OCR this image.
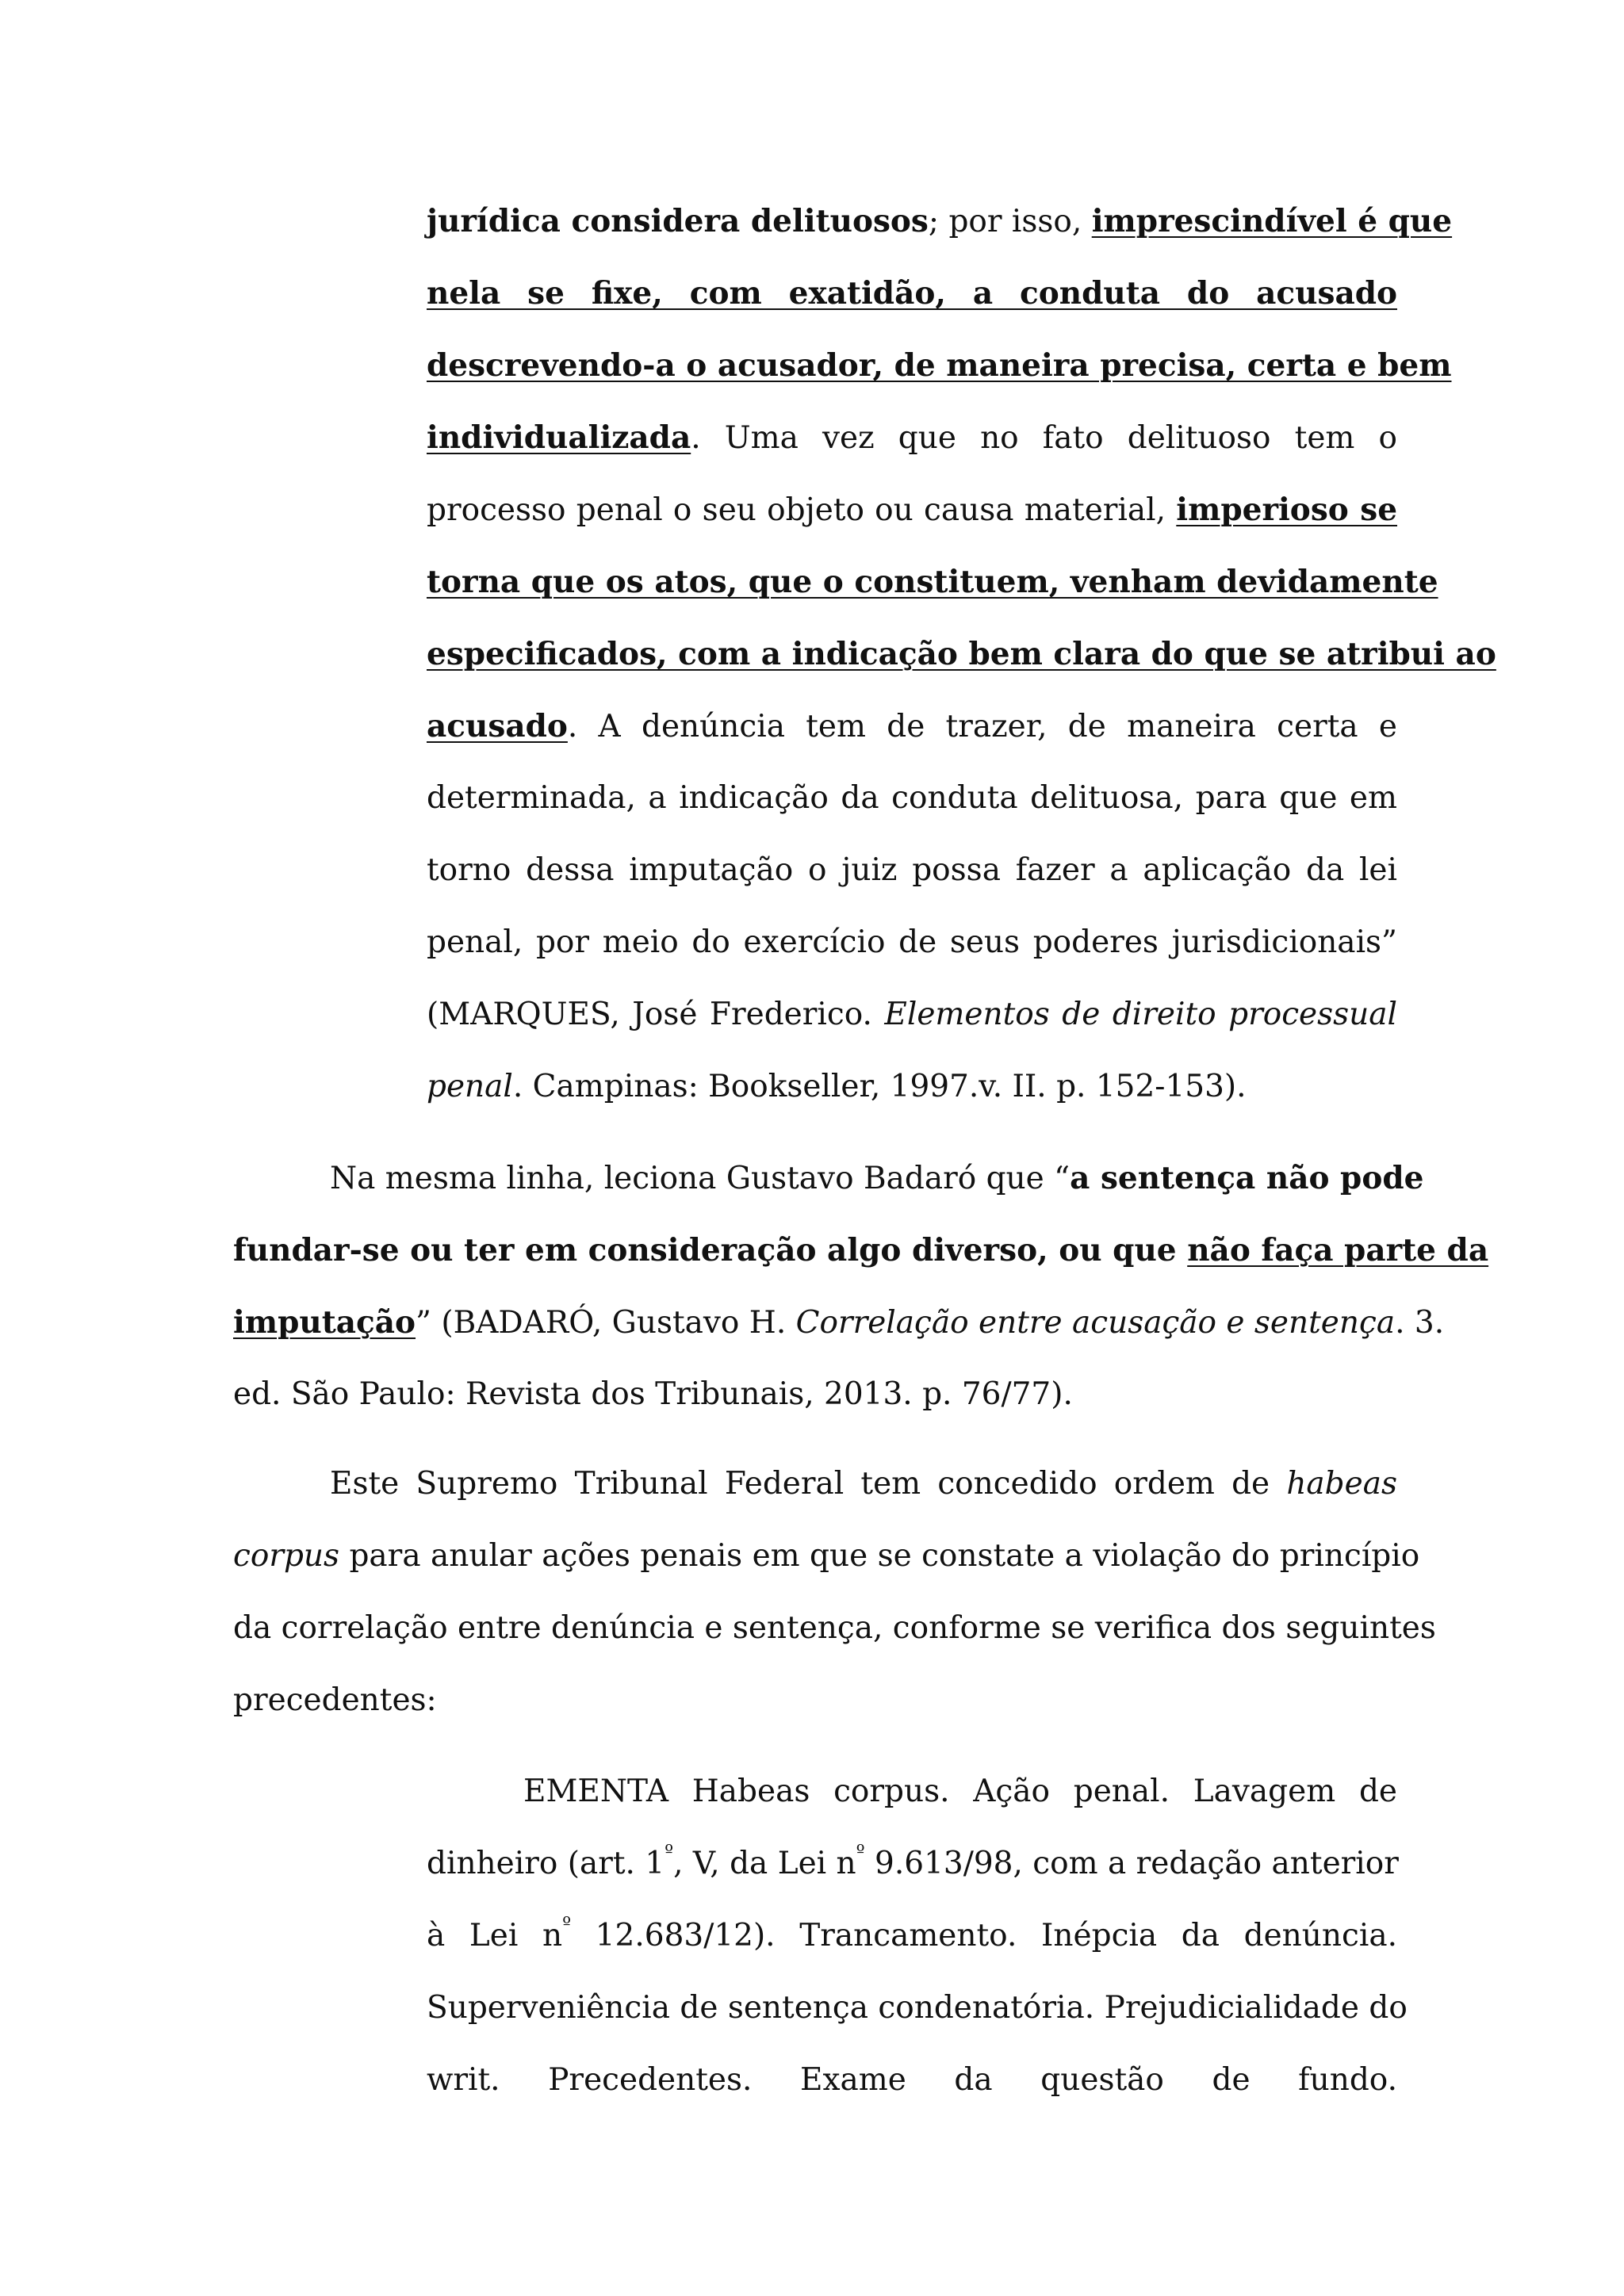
jurídica considera delituosos; por isso, imprescindível é que
nela se fixe, com exatidão, a conduta do acusado
descrevendo-a o acusador, de maneira precisa, certa e bem
individualizada. Uma vez que no fato delituoso tem o
processo penal o seu objeto ou causa material, imperioso se
torna que os atos, que o constituem, venham devidamente
especificados, com a indicação bem clara do que se atribui ao
acusado. A denúncia tem de trazer, de maneira certa e
determinada, a indicação da conduta delituosa, para que em
torno dessa imputação o juiz possa fazer a aplicação da lei
penal, por meio do exercício de seus poderes jurisdicionais”
(MARQUES, José Frederico. Elementos de direito processual
penal. Campinas: Bookseller, 1997.v. II. p. 152-153).
Na mesma linha, leciona Gustavo Badaró que “a sentença não pode
fundar-se ou ter em consideração algo diverso, ou que não faça parte da
imputação” (BADARÓ, Gustavo H. Correlação entre acusação e sentença. 3.
ed. São Paulo: Revista dos Tribunais, 2013. p. 76/77).
Este Supremo Tribunal Federal tem concedido ordem de habeas
corpus para anular ações penais em que se constate a violação do princípio
da correlação entre denúncia e sentença, conforme se verifica dos seguintes
precedentes:
EMENTA Habeas corpus. Ação penal. Lavagem de
dinheiro (art. $1^º$, V, da Lei $n^º$ 9.613/98, com a redação anterior
à Lei $n^º$ 12.683/12). Trancamento. Inépcia da denúncia.
Superveniência de sentença condenatória. Prejudicialidade do
writ. Precedentes. Exame da questão de fundo.
